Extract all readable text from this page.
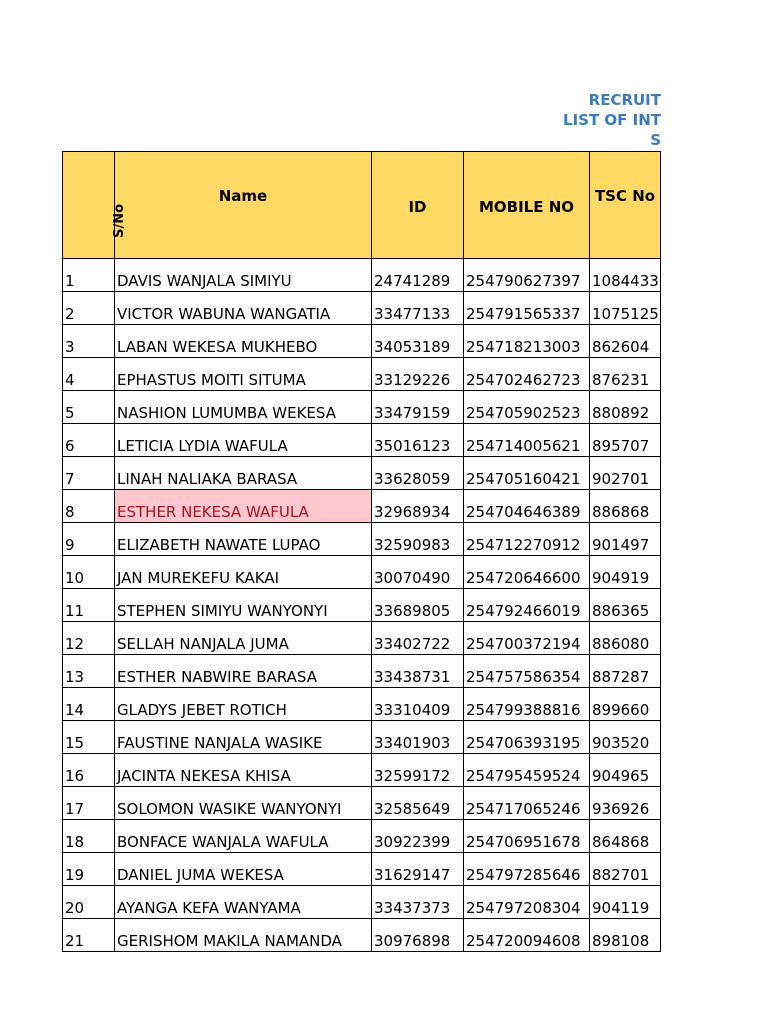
RECRUIT
LIST OF INT
S
S/No	Name	ID	MOBILE NO	TSC No
1	DAVIS WANJALA SIMIYU	24741289	254790627397	1084433
2	VICTOR WABUNA WANGATIA	33477133	254791565337	1075125
3	LABAN WEKESA MUKHEBO	34053189	254718213003	862604
4	EPHASTUS MOITI SITUMA	33129226	254702462723	876231
5	NASHION LUMUMBA WEKESA	33479159	254705902523	880892
6	LETICIA LYDIA WAFULA	35016123	254714005621	895707
7	LINAH NALIAKA BARASA	33628059	254705160421	902701
8	ESTHER NEKESA WAFULA	32968934	254704646389	886868
9	ELIZABETH NAWATE LUPAO	32590983	254712270912	901497
10	JAN MUREKEFU KAKAI	30070490	254720646600	904919
11	STEPHEN SIMIYU WANYONYI	33689805	254792466019	886365
12	SELLAH NANJALA JUMA	33402722	254700372194	886080
13	ESTHER NABWIRE BARASA	33438731	254757586354	887287
14	GLADYS JEBET ROTICH	33310409	254799388816	899660
15	FAUSTINE NANJALA WASIKE	33401903	254706393195	903520
16	JACINTA NEKESA KHISA	32599172	254795459524	904965
17	SOLOMON WASIKE WANYONYI	32585649	254717065246	936926
18	BONFACE WANJALA WAFULA	30922399	254706951678	864868
19	DANIEL JUMA WEKESA	31629147	254797285646	882701
20	AYANGA KEFA WANYAMA	33437373	254797208304	904119
21	GERISHOM MAKILA NAMANDA	30976898	254720094608	898108
